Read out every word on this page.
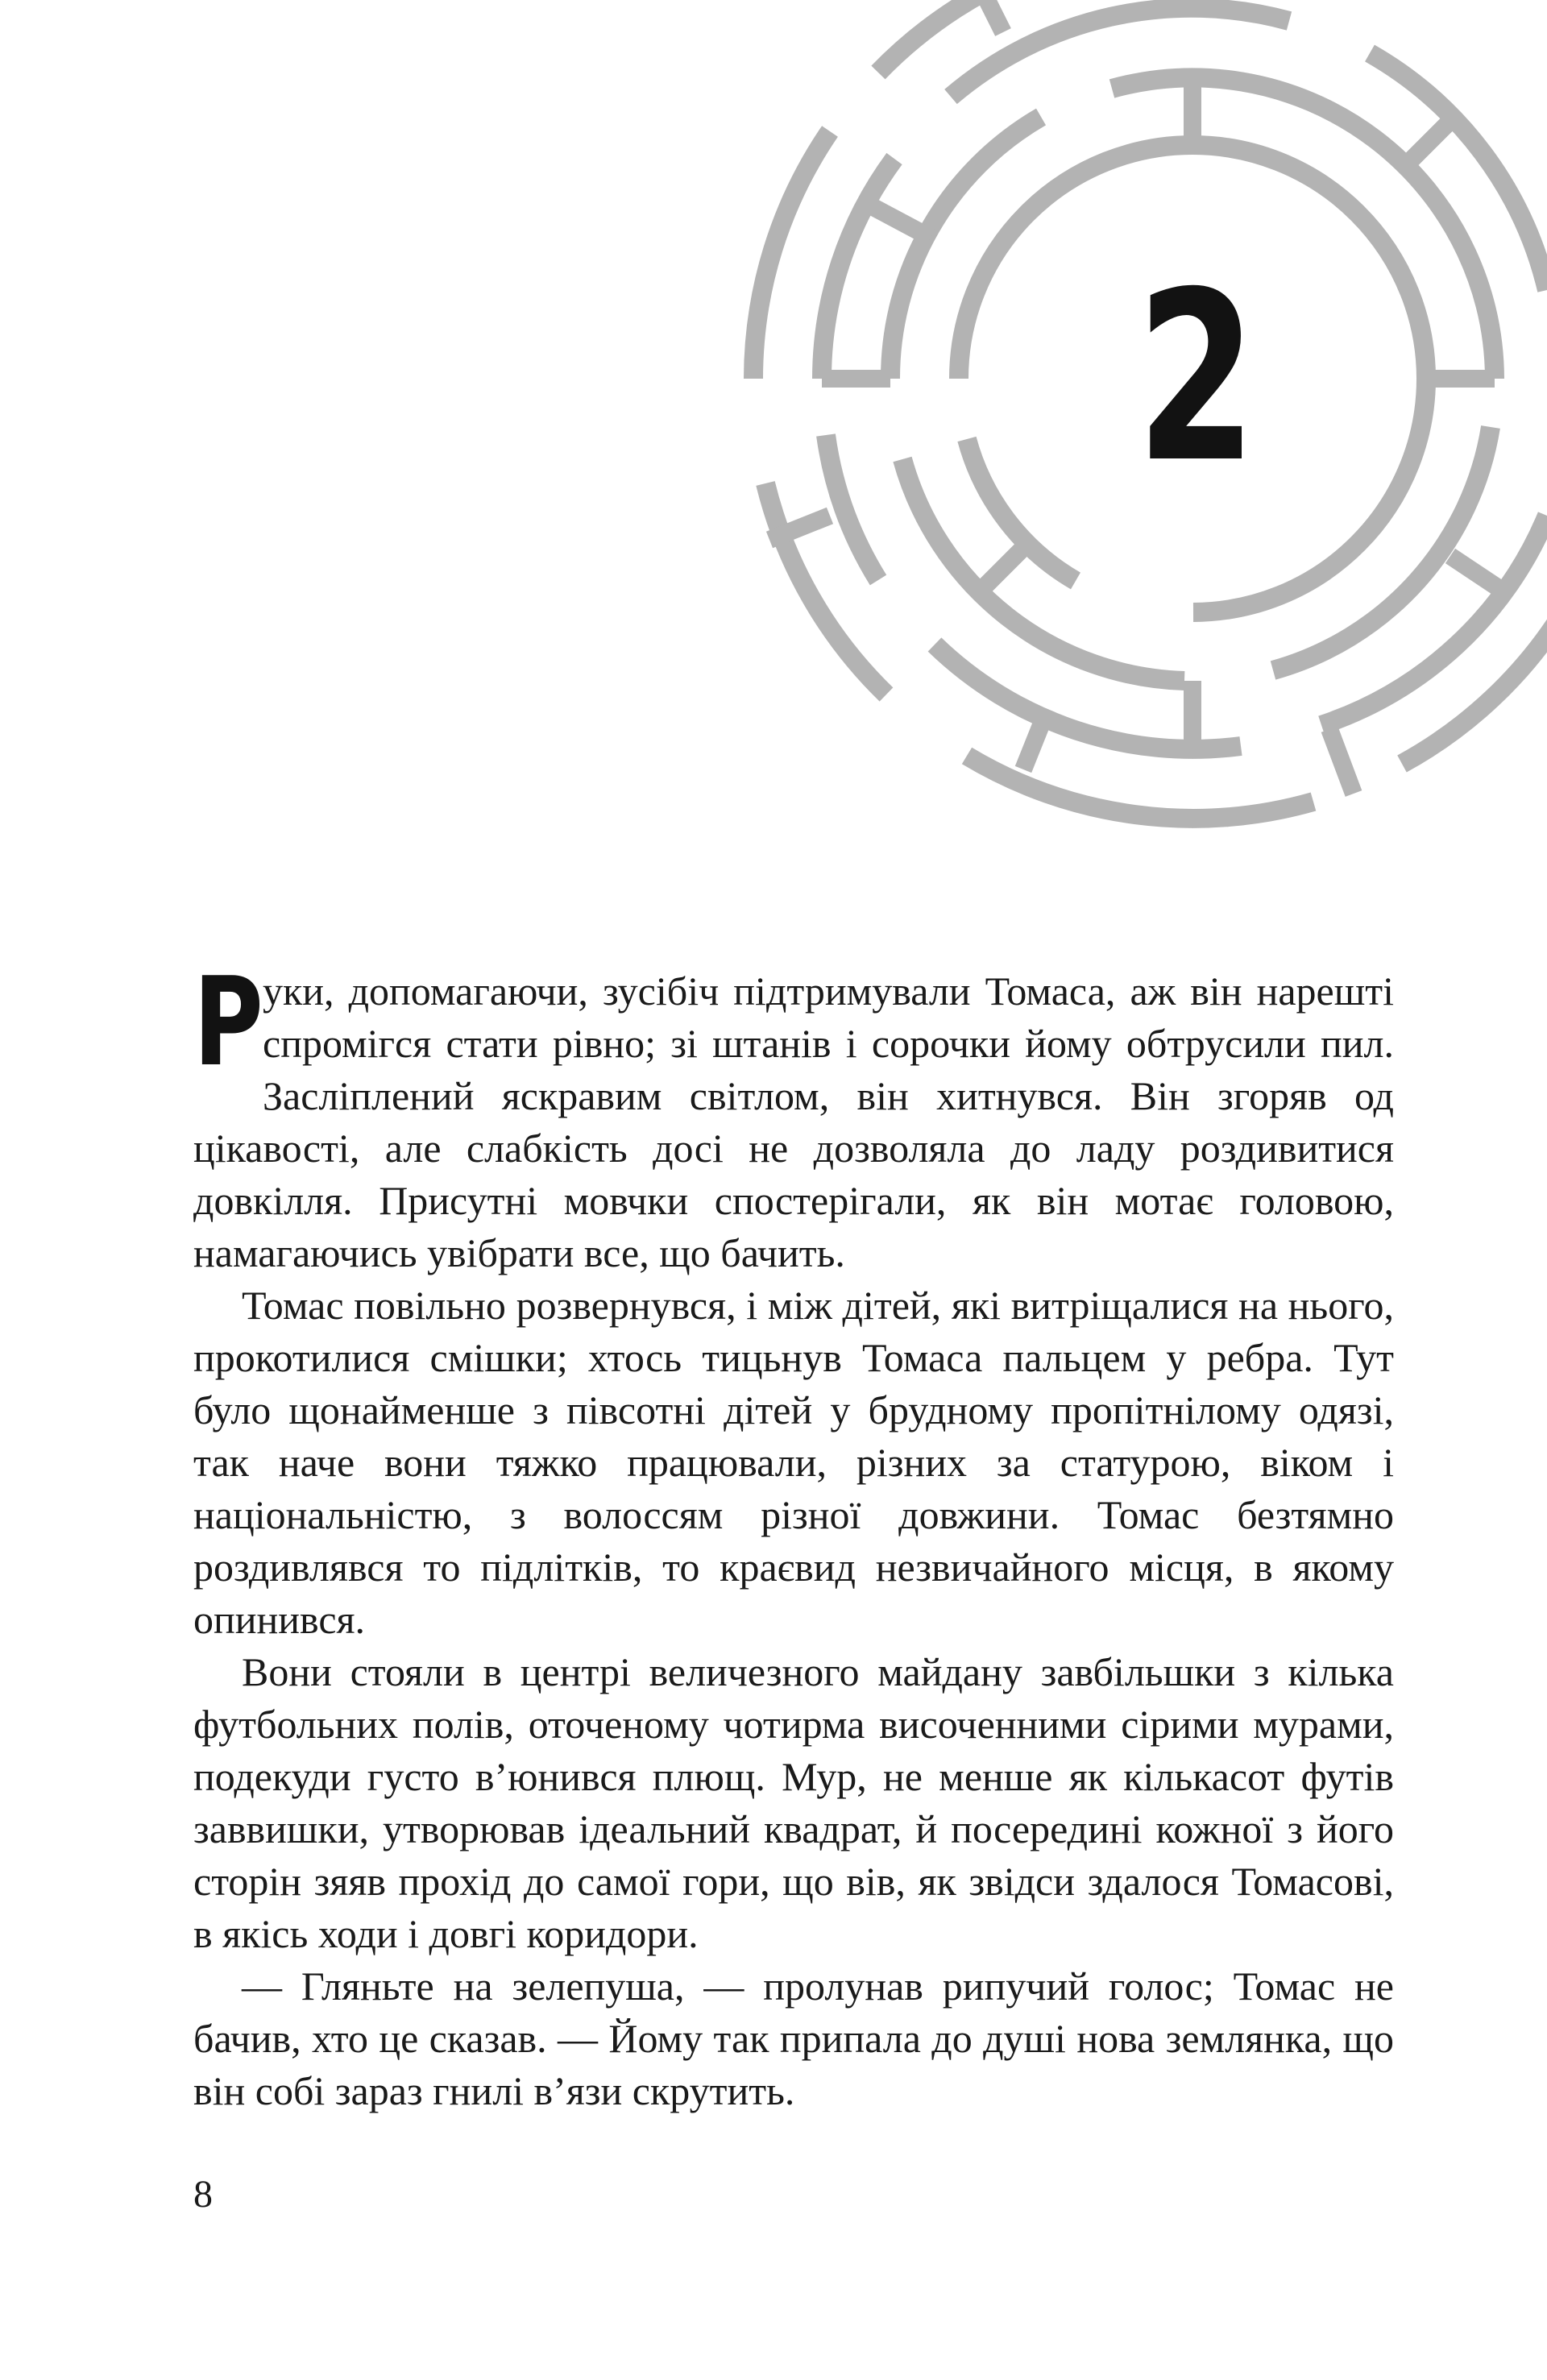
2

Руки, допомагаючи, зусібіч підтримували Томаса, аж він нарешті спромігся стати рівно; зі штанів і сорочки йому обтрусили пил. Засліплений яскравим світлом, він хитнувся. Він згоряв од цікавості, але слабкість досі не дозволяла до ладу роздивитися довкілля. Присутні мовчки спостерігали, як він мотає головою, намагаючись увібрати все, що бачить.

Томас повільно розвернувся, і між дітей, які витріщалися на нього, прокотилися смішки; хтось тицьнув Томаса пальцем у ребра. Тут було щонайменше з півсотні дітей у брудному пропітнілому одязі, так наче вони тяжко працювали, різних за статурою, віком і національністю, з волоссям різної довжини. Томас безтямно роздивлявся то підлітків, то краєвид незвичайного місця, в якому опинився.

Вони стояли в центрі величезного майдану завбільшки з кілька футбольних полів, оточеному чотирма височенними сірими мурами, подекуди густо в’юнився плющ. Мур, не менше як кількасот футів заввишки, утворював ідеальний квадрат, й посередині кожної з його сторін зяяв прохід до самої гори, що вів, як звідси здалося Томасові, в якісь ходи і довгі коридори.

— Гляньте на зелепуша, — пролунав рипучий голос; Томас не бачив, хто це сказав. — Йому так припала до душі нова землянка, що він собі зараз гнилі в’язи скрутить.

8
